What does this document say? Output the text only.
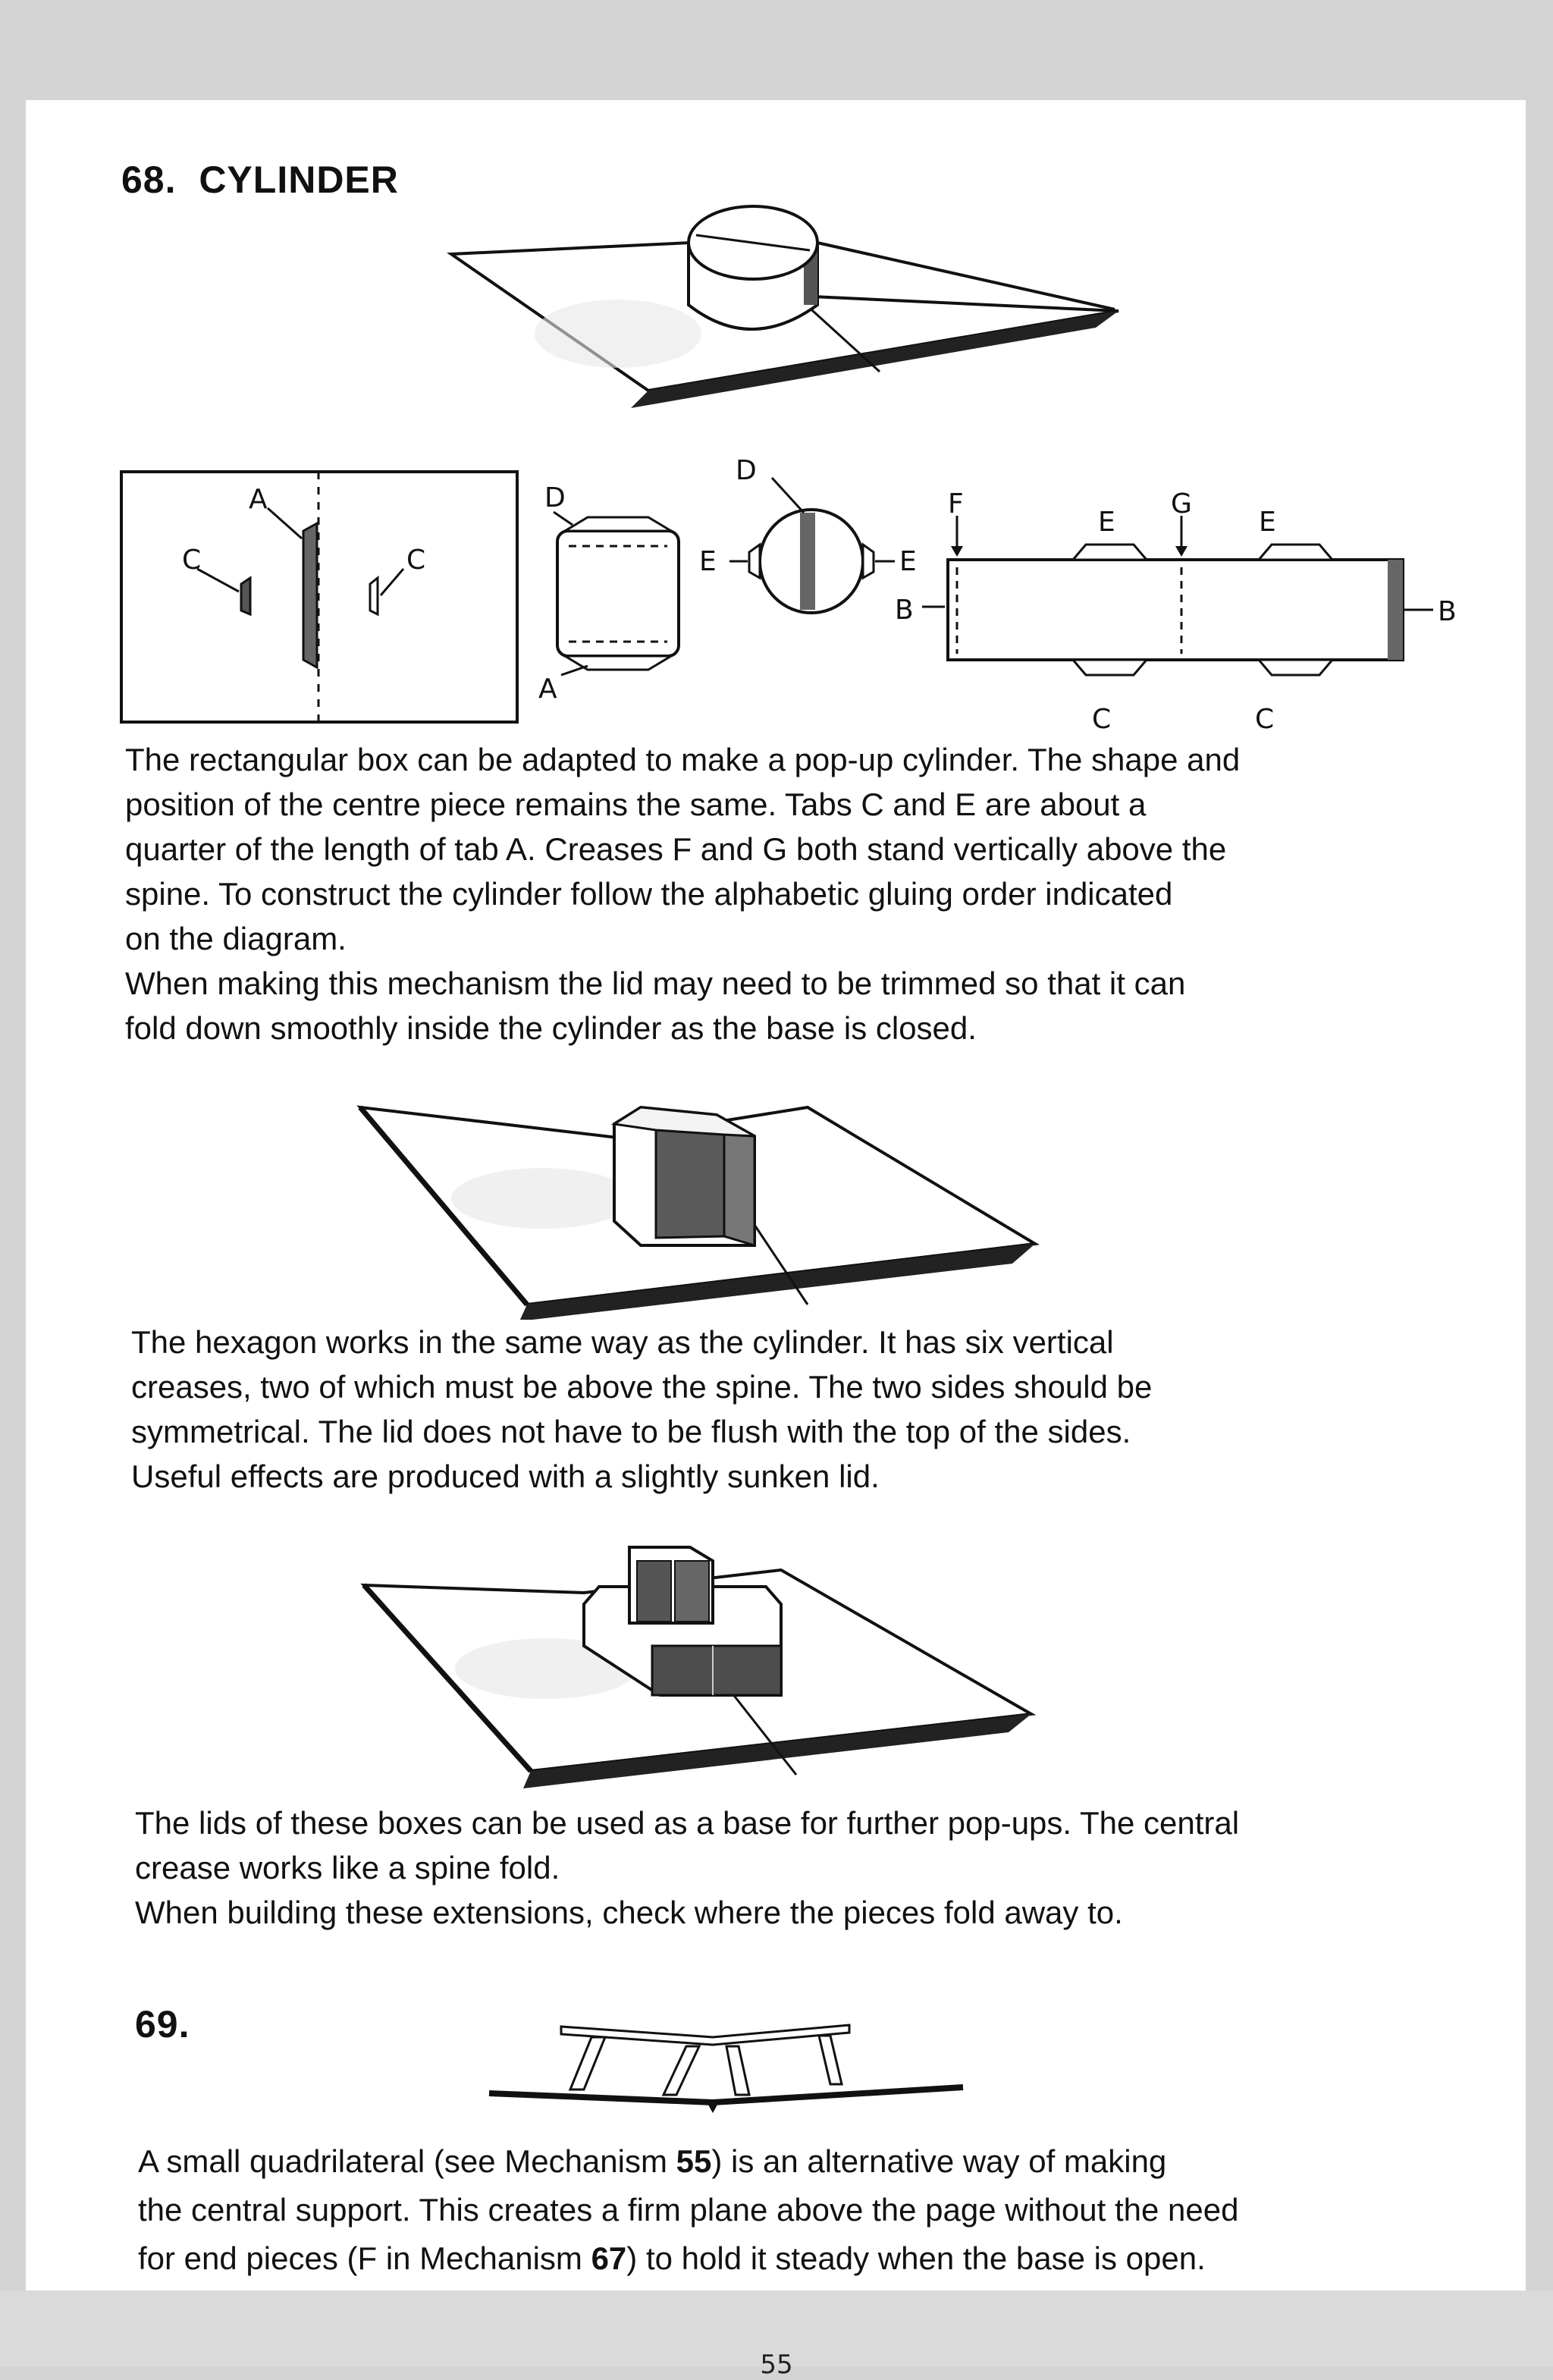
68. CYLINDER
A
C	C
D
A
D
E	E
F	G
E	E
B	B
C	C

The rectangular box can be adapted to make a pop-up cylinder. The shape and

position of the centre piece remains the same. Tabs C and E are about a

quarter of the length of tab A. Creases F and G both stand vertically above the

spine. To construct the cylinder follow the alphabetic gluing order indicated

on the diagram.

When making this mechanism the lid may need to be trimmed so that it can

fold down smoothly inside the cylinder as the base is closed.

The hexagon works in the same way as the cylinder. It has six vertical

creases, two of which must be above the spine. The two sides should be

symmetrical. The lid does not have to be flush with the top of the sides.

Useful effects are produced with a slightly sunken lid.

The lids of these boxes can be used as a base for further pop-ups. The central

crease works like a spine fold.

When building these extensions, check where the pieces fold away to.

69.

A small quadrilateral (see Mechanism 55) is an alternative way of making

the central support. This creates a firm plane above the page without the need

for end pieces (F in Mechanism 67) to hold it steady when the base is open.

55
